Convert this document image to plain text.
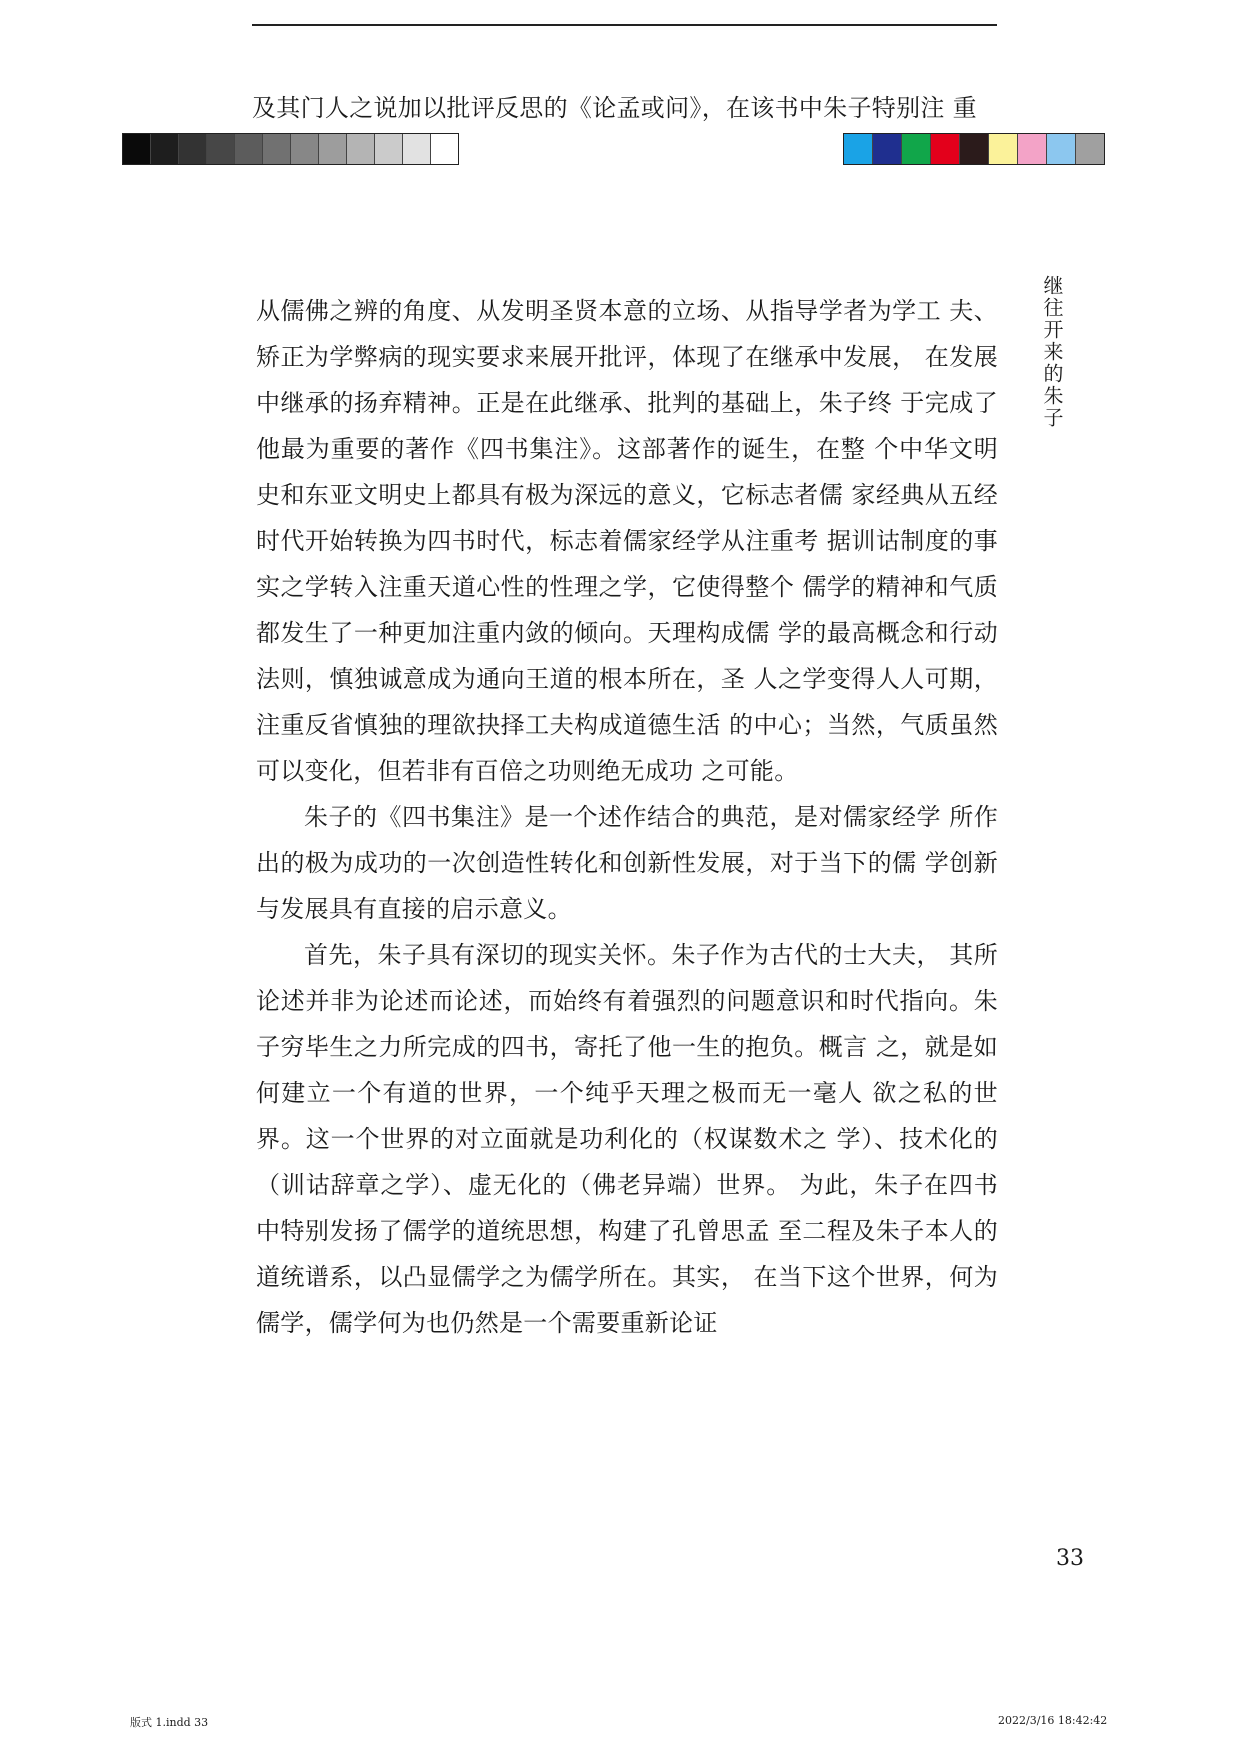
及其门人之说加以批评反思的《论孟或问》，在该书中朱子特别注 重
继往开来的朱子

从儒佛之辨的角度、从发明圣贤本意的立场、从指导学者为学工 夫、矫正为学弊病的现实要求来展开批评，体现了在继承中发展， 在发展中继承的扬弃精神。正是在此继承、批判的基础上，朱子终 于完成了他最为重要的著作《四书集注》。这部著作的诞生，在整 个中华文明史和东亚文明史上都具有极为深远的意义，它标志者儒 家经典从五经时代开始转换为四书时代，标志着儒家经学从注重考 据训诂制度的事实之学转入注重天道心性的性理之学，它使得整个 儒学的精神和气质都发生了一种更加注重内敛的倾向。天理构成儒 学的最高概念和行动法则，慎独诚意成为通向王道的根本所在，圣 人之学变得人人可期，注重反省慎独的理欲抉择工夫构成道德生活 的中心；当然，气质虽然可以变化，但若非有百倍之功则绝无成功 之可能。

朱子的《四书集注》是一个述作结合的典范，是对儒家经学 所作出的极为成功的一次创造性转化和创新性发展，对于当下的儒 学创新与发展具有直接的启示意义。

首先，朱子具有深切的现实关怀。朱子作为古代的士大夫， 其所论述并非为论述而论述，而始终有着强烈的问题意识和时代指向。朱子穷毕生之力所完成的四书，寄托了他一生的抱负。概言 之，就是如何建立一个有道的世界，一个纯乎天理之极而无一毫人 欲之私的世界。这一个世界的对立面就是功利化的（权谋数术之 学）、技术化的（训诂辞章之学）、虚无化的（佛老异端）世界。 为此，朱子在四书中特别发扬了儒学的道统思想，构建了孔曾思孟 至二程及朱子本人的道统谱系，以凸显儒学之为儒学所在。其实， 在当下这个世界，何为儒学，儒学何为也仍然是一个需要重新论证

33
版式 1.indd 33	2022/3/16 18:42:42
